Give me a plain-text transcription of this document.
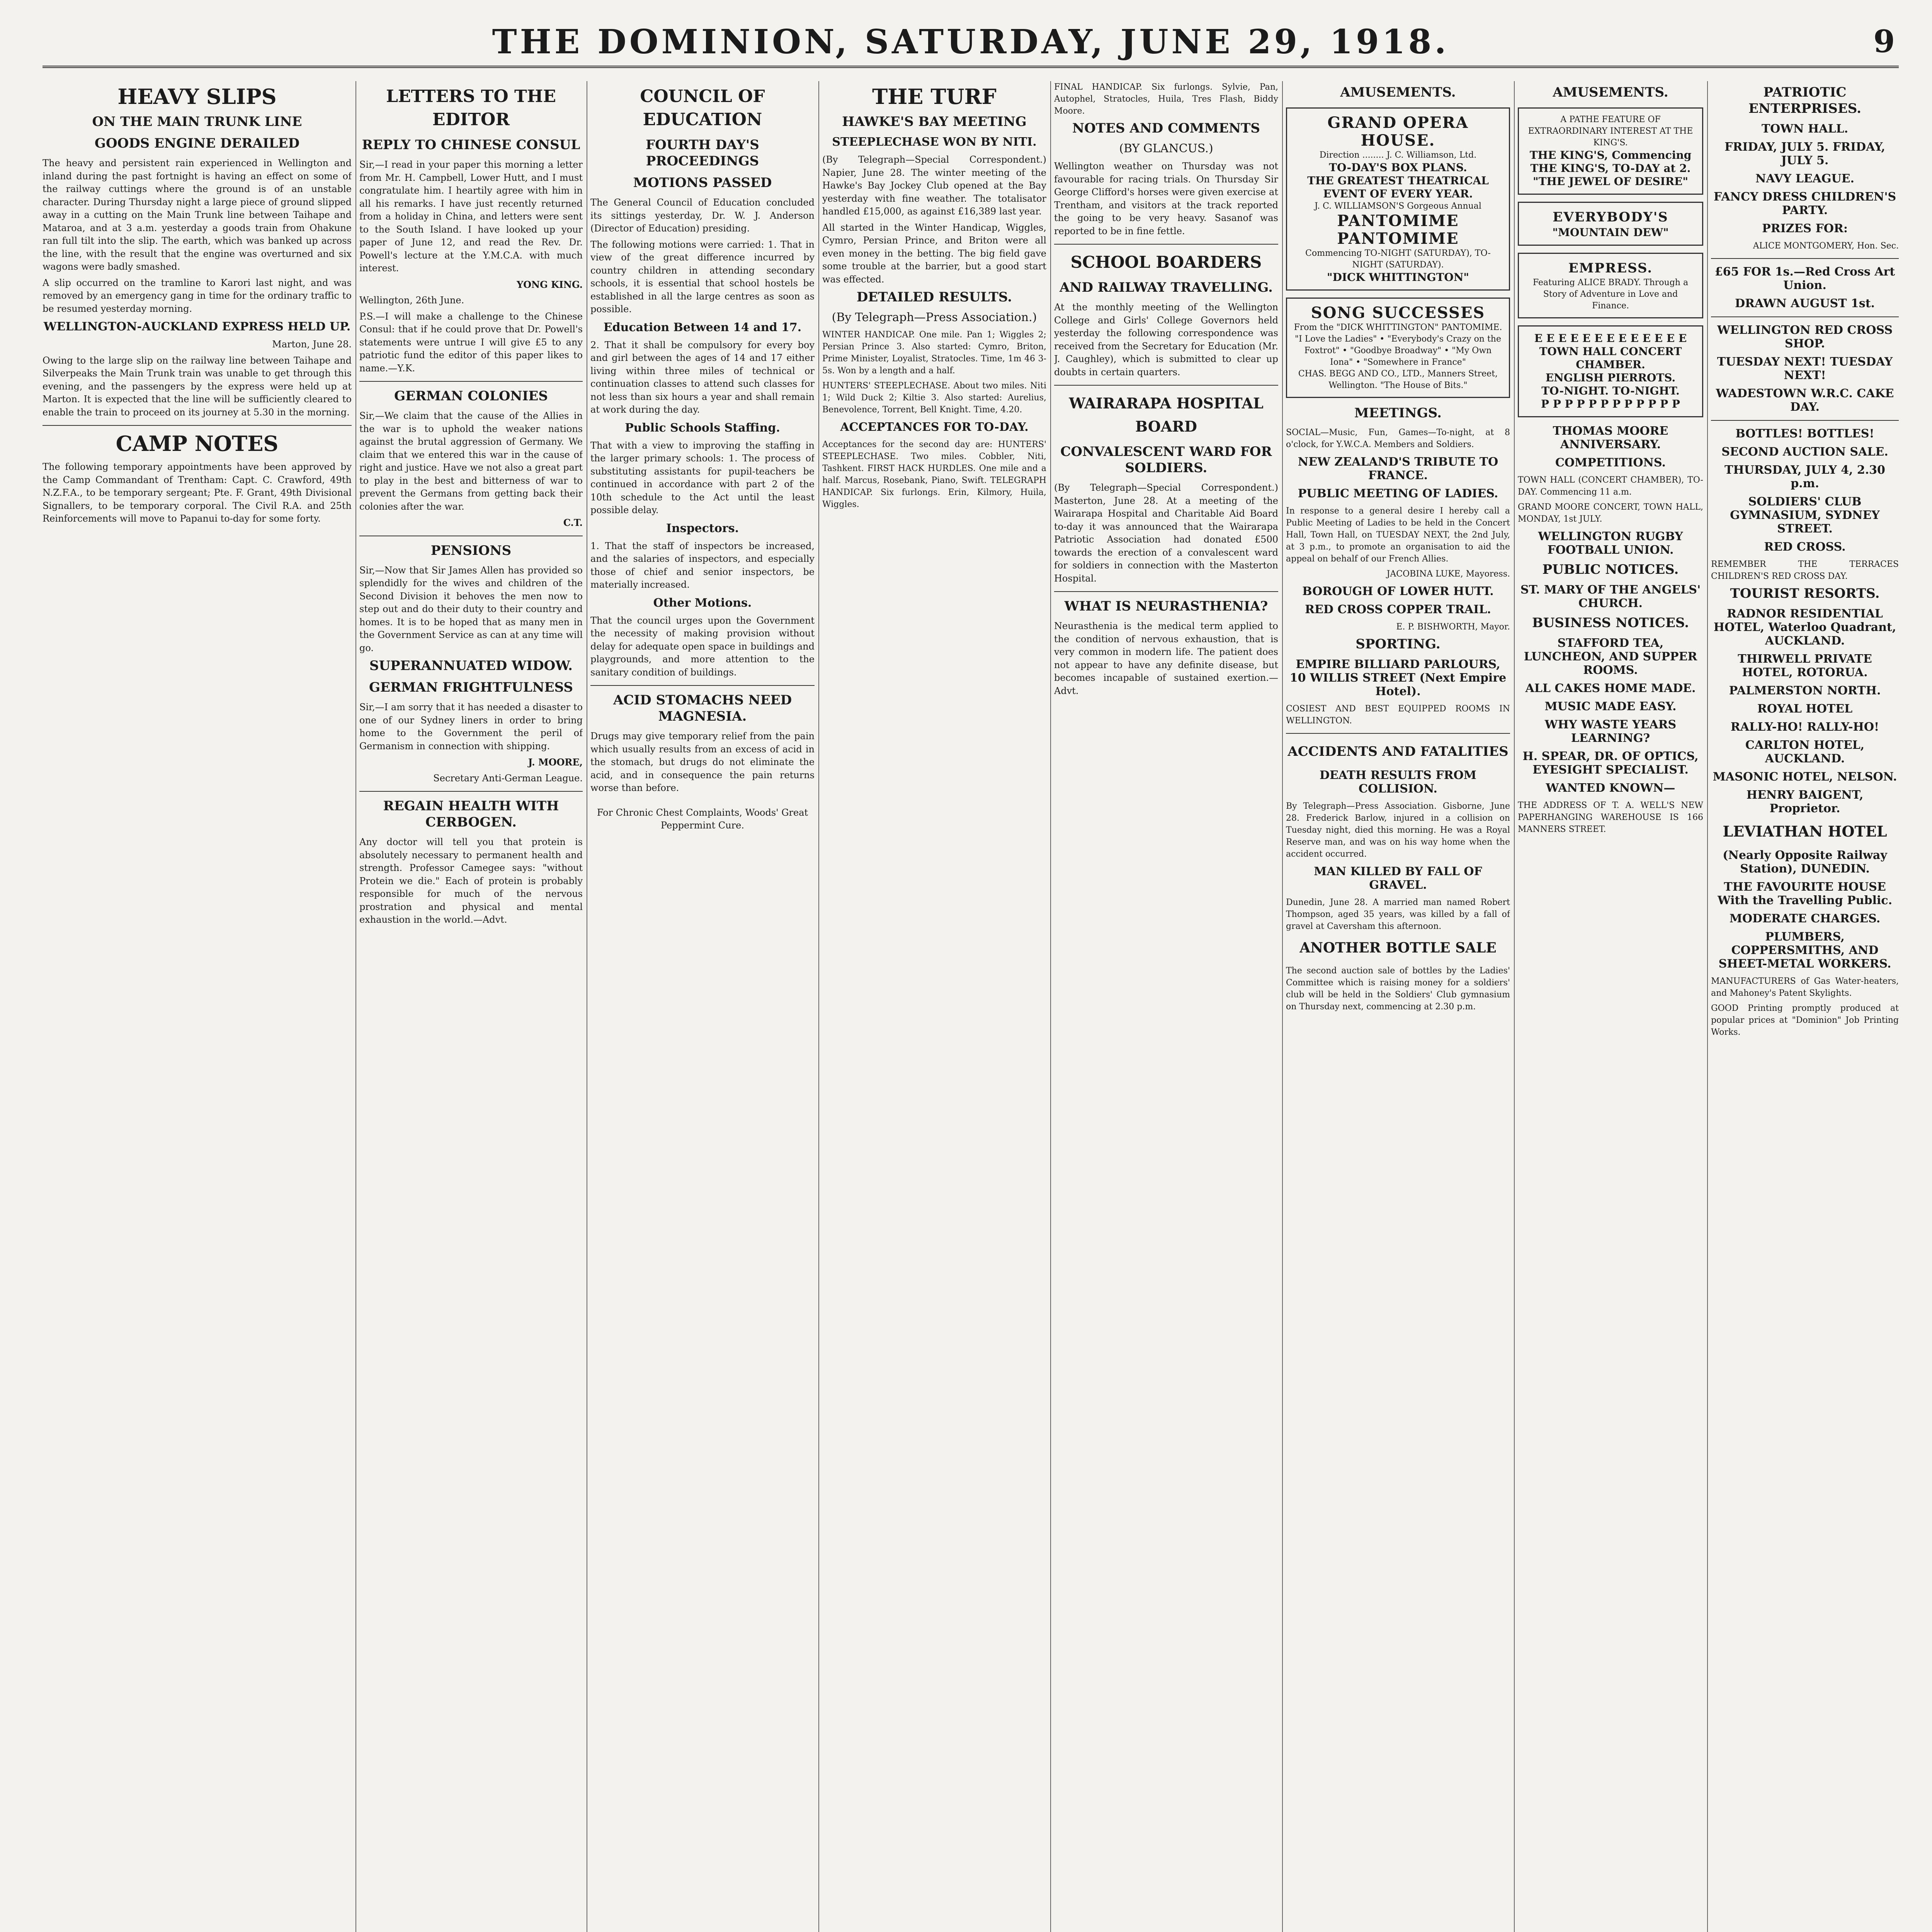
THE DOMINION, SATURDAY, JUNE 29, 1918.	9
HEAVY SLIPS
ON THE MAIN TRUNK LINE
GOODS ENGINE DERAILED

The heavy and persistent rain experienced in Wellington and inland during the past fortnight is having an effect on some of the railway cuttings where the ground is of an unstable character. During Thursday night a large piece of ground slipped away in a cutting on the Main Trunk line between Taihape and Mataroa, and at 3 a.m. yesterday a goods train from Ohakune ran full tilt into the slip. The earth, which was banked up across the line, with the result that the engine was overturned and six wagons were badly smashed.

A slip occurred on the tramline to Karori last night, and was removed by an emergency gang in time for the ordinary traffic to be resumed yesterday morning.

WELLINGTON-AUCKLAND EXPRESS HELD UP.

Marton, June 28.

Owing to the large slip on the railway line between Taihape and Silverpeaks the Main Trunk train was unable to get through this evening, and the passengers by the express were held up at Marton. It is expected that the line will be sufficiently cleared to enable the train to proceed on its journey at 5.30 in the morning.

CAMP NOTES

The following temporary appointments have been approved by the Camp Commandant of Trentham: Capt. C. Crawford, 49th N.Z.F.A., to be temporary sergeant; Pte. F. Grant, 49th Divisional Signallers, to be temporary corporal. The Civil R.A. and 25th Reinforcements will move to Papanui to-day for some forty.

LETTERS TO THE EDITOR
REPLY TO CHINESE CONSUL

Sir,—I read in your paper this morning a letter from Mr. H. Campbell, Lower Hutt, and I must congratulate him. I heartily agree with him in all his remarks. I have just recently returned from a holiday in China, and letters were sent to the South Island. I have looked up your paper of June 12, and read the Rev. Dr. Powell's lecture at the Y.M.C.A. with much interest.

YONG KING.

Wellington, 26th June.

P.S.—I will make a challenge to the Chinese Consul: that if he could prove that Dr. Powell's statements were untrue I will give £5 to any patriotic fund the editor of this paper likes to name.—Y.K.

GERMAN COLONIES

Sir,—We claim that the cause of the Allies in the war is to uphold the weaker nations against the brutal aggression of Germany. We claim that we entered this war in the cause of right and justice. Have we not also a great part to play in the best and bitterness of war to prevent the Germans from getting back their colonies after the war.

C.T.

PENSIONS

Sir,—Now that Sir James Allen has provided so splendidly for the wives and children of the Second Division it behoves the men now to step out and do their duty to their country and homes. It is to be hoped that as many men in the Government Service as can at any time will go.

SUPERANNUATED WIDOW.
GERMAN FRIGHTFULNESS

Sir,—I am sorry that it has needed a disaster to one of our Sydney liners in order to bring home to the Government the peril of Germanism in connection with shipping.

J. MOORE,

Secretary Anti-German League.

REGAIN HEALTH WITH CERBOGEN.

Any doctor will tell you that protein is absolutely necessary to permanent health and strength. Professor Camegee says: "without Protein we die." Each of protein is probably responsible for much of the nervous prostration and physical and mental exhaustion in the world.—Advt.

COUNCIL OF EDUCATION
FOURTH DAY'S PROCEEDINGS
MOTIONS PASSED

The General Council of Education concluded its sittings yesterday, Dr. W. J. Anderson (Director of Education) presiding.

The following motions were carried: 1. That in view of the great difference incurred by country children in attending secondary schools, it is essential that school hostels be established in all the large centres as soon as possible.

Education Between 14 and 17.

2. That it shall be compulsory for every boy and girl between the ages of 14 and 17 either living within three miles of technical or continuation classes to attend such classes for not less than six hours a year and shall remain at work during the day.

Public Schools Staffing.

That with a view to improving the staffing in the larger primary schools: 1. The process of substituting assistants for pupil-teachers be continued in accordance with part 2 of the 10th schedule to the Act until the least possible delay.

Inspectors.

1. That the staff of inspectors be increased, and the salaries of inspectors, and especially those of chief and senior inspectors, be materially increased.

Other Motions.

That the council urges upon the Government the necessity of making provision without delay for adequate open space in buildings and playgrounds, and more attention to the sanitary condition of buildings.

ACID STOMACHS NEED MAGNESIA.

Drugs may give temporary relief from the pain which usually results from an excess of acid in the stomach, but drugs do not eliminate the acid, and in consequence the pain returns worse than before.

For Chronic Chest Complaints, Woods' Great Peppermint Cure.

THE TURF
HAWKE'S BAY MEETING
STEEPLECHASE WON BY NITI.

(By Telegraph—Special Correspondent.) Napier, June 28. The winter meeting of the Hawke's Bay Jockey Club opened at the Bay yesterday with fine weather. The totalisator handled £15,000, as against £16,389 last year.

All started in the Winter Handicap, Wiggles, Cymro, Persian Prince, and Briton were all even money in the betting. The big field gave some trouble at the barrier, but a good start was effected.

DETAILED RESULTS.
(By Telegraph—Press Association.)

WINTER HANDICAP. One mile. Pan 1; Wiggles 2; Persian Prince 3. Also started: Cymro, Briton, Prime Minister, Loyalist, Stratocles. Time, 1m 46 3-5s. Won by a length and a half.

HUNTERS' STEEPLECHASE. About two miles. Niti 1; Wild Duck 2; Kiltie 3. Also started: Aurelius, Benevolence, Torrent, Bell Knight. Time, 4.20.

ACCEPTANCES FOR TO-DAY.

Acceptances for the second day are: HUNTERS' STEEPLECHASE. Two miles. Cobbler, Niti, Tashkent. FIRST HACK HURDLES. One mile and a half. Marcus, Rosebank, Piano, Swift. TELEGRAPH HANDICAP. Six furlongs. Erin, Kilmory, Huila, Wiggles.

FINAL HANDICAP. Six furlongs. Sylvie, Pan, Autophel, Stratocles, Huila, Tres Flash, Biddy Moore.

NOTES AND COMMENTS
(BY GLANCUS.)

Wellington weather on Thursday was not favourable for racing trials. On Thursday Sir George Clifford's horses were given exercise at Trentham, and visitors at the track reported the going to be very heavy. Sasanof was reported to be in fine fettle.

SCHOOL BOARDERS
AND RAILWAY TRAVELLING.

At the monthly meeting of the Wellington College and Girls' College Governors held yesterday the following correspondence was received from the Secretary for Education (Mr. J. Caughley), which is submitted to clear up doubts in certain quarters.

WAIRARAPA HOSPITAL BOARD
CONVALESCENT WARD FOR SOLDIERS.

(By Telegraph—Special Correspondent.) Masterton, June 28. At a meeting of the Wairarapa Hospital and Charitable Aid Board to-day it was announced that the Wairarapa Patriotic Association had donated £500 towards the erection of a convalescent ward for soldiers in connection with the Masterton Hospital.

WHAT IS NEURASTHENIA?

Neurasthenia is the medical term applied to the condition of nervous exhaustion, that is very common in modern life. The patient does not appear to have any definite disease, but becomes incapable of sustained exertion.—Advt.

AMUSEMENTS.
GRAND OPERA HOUSE.
Direction ........ J. C. Williamson, Ltd.
TO-DAY'S BOX PLANS.
THE GREATEST THEATRICAL EVENT OF EVERY YEAR.
J. C. WILLIAMSON'S Gorgeous Annual
PANTOMIME PANTOMIME
Commencing TO-NIGHT (SATURDAY), TO-NIGHT (SATURDAY).
"DICK WHITTINGTON"
SONG SUCCESSES
From the "DICK WHITTINGTON" PANTOMIME.
"I Love the Ladies" • "Everybody's Crazy on the Foxtrot" • "Goodbye Broadway" • "My Own Iona" • "Somewhere in France"
CHAS. BEGG AND CO., LTD., Manners Street, Wellington. "The House of Bits."
MEETINGS.

SOCIAL—Music, Fun, Games—To-night, at 8 o'clock, for Y.W.C.A. Members and Soldiers.

NEW ZEALAND'S TRIBUTE TO FRANCE.
PUBLIC MEETING OF LADIES.

In response to a general desire I hereby call a Public Meeting of Ladies to be held in the Concert Hall, Town Hall, on TUESDAY NEXT, the 2nd July, at 3 p.m., to promote an organisation to aid the appeal on behalf of our French Allies.

JACOBINA LUKE, Mayoress.

BOROUGH OF LOWER HUTT.
RED CROSS COPPER TRAIL.

E. P. BISHWORTH, Mayor.

SPORTING.
EMPIRE BILLIARD PARLOURS, 10 WILLIS STREET (Next Empire Hotel).

COSIEST AND BEST EQUIPPED ROOMS IN WELLINGTON.

ACCIDENTS AND FATALITIES
DEATH RESULTS FROM COLLISION.

By Telegraph—Press Association. Gisborne, June 28. Frederick Barlow, injured in a collision on Tuesday night, died this morning. He was a Royal Reserve man, and was on his way home when the accident occurred.

MAN KILLED BY FALL OF GRAVEL.

Dunedin, June 28. A married man named Robert Thompson, aged 35 years, was killed by a fall of gravel at Caversham this afternoon.

ANOTHER BOTTLE SALE

The second auction sale of bottles by the Ladies' Committee which is raising money for a soldiers' club will be held in the Soldiers' Club gymnasium on Thursday next, commencing at 2.30 p.m.

AMUSEMENTS.
A PATHE FEATURE OF EXTRAORDINARY INTEREST AT THE KING'S.
THE KING'S, Commencing THE KING'S, TO-DAY at 2.
"THE JEWEL OF DESIRE"
EVERYBODY'S
"MOUNTAIN DEW"
EMPRESS.
Featuring ALICE BRADY. Through a Story of Adventure in Love and Finance.
E E E E E E E E E E E E E
TOWN HALL CONCERT CHAMBER.
ENGLISH PIERROTS.
TO-NIGHT. TO-NIGHT.
P P P P P P P P P P P P
THOMAS MOORE ANNIVERSARY.
COMPETITIONS.

TOWN HALL (CONCERT CHAMBER), TO-DAY. Commencing 11 a.m.

GRAND MOORE CONCERT, TOWN HALL, MONDAY, 1st JULY.

WELLINGTON RUGBY FOOTBALL UNION.
PUBLIC NOTICES.
ST. MARY OF THE ANGELS' CHURCH.
BUSINESS NOTICES.
STAFFORD TEA, LUNCHEON, AND SUPPER ROOMS.
ALL CAKES HOME MADE.
MUSIC MADE EASY.
WHY WASTE YEARS LEARNING?
H. SPEAR, DR. OF OPTICS, EYESIGHT SPECIALIST.
WANTED KNOWN—

THE ADDRESS OF T. A. WELL'S NEW PAPERHANGING WAREHOUSE IS 166 MANNERS STREET.

PATRIOTIC ENTERPRISES.
TOWN HALL.
FRIDAY, JULY 5. FRIDAY, JULY 5.
NAVY LEAGUE.
FANCY DRESS CHILDREN'S PARTY.
PRIZES FOR:

ALICE MONTGOMERY, Hon. Sec.

£65 FOR 1s.—Red Cross Art Union.
DRAWN AUGUST 1st.
WELLINGTON RED CROSS SHOP.
TUESDAY NEXT! TUESDAY NEXT!
WADESTOWN W.R.C. CAKE DAY.
BOTTLES! BOTTLES!
SECOND AUCTION SALE.
THURSDAY, JULY 4, 2.30 p.m.
SOLDIERS' CLUB GYMNASIUM, SYDNEY STREET.
RED CROSS.

REMEMBER THE TERRACES CHILDREN'S RED CROSS DAY.

TOURIST RESORTS.
RADNOR RESIDENTIAL HOTEL, Waterloo Quadrant, AUCKLAND.
THIRWELL PRIVATE HOTEL, ROTORUA.
PALMERSTON NORTH.
ROYAL HOTEL
RALLY-HO! RALLY-HO!
CARLTON HOTEL, AUCKLAND.
MASONIC HOTEL, NELSON.
HENRY BAIGENT, Proprietor.
LEVIATHAN HOTEL
(Nearly Opposite Railway Station), DUNEDIN.
THE FAVOURITE HOUSE With the Travelling Public.
MODERATE CHARGES.
PLUMBERS, COPPERSMITHS, AND SHEET-METAL WORKERS.

MANUFACTURERS of Gas Water-heaters, and Mahoney's Patent Skylights.

GOOD Printing promptly produced at popular prices at "Dominion" Job Printing Works.
